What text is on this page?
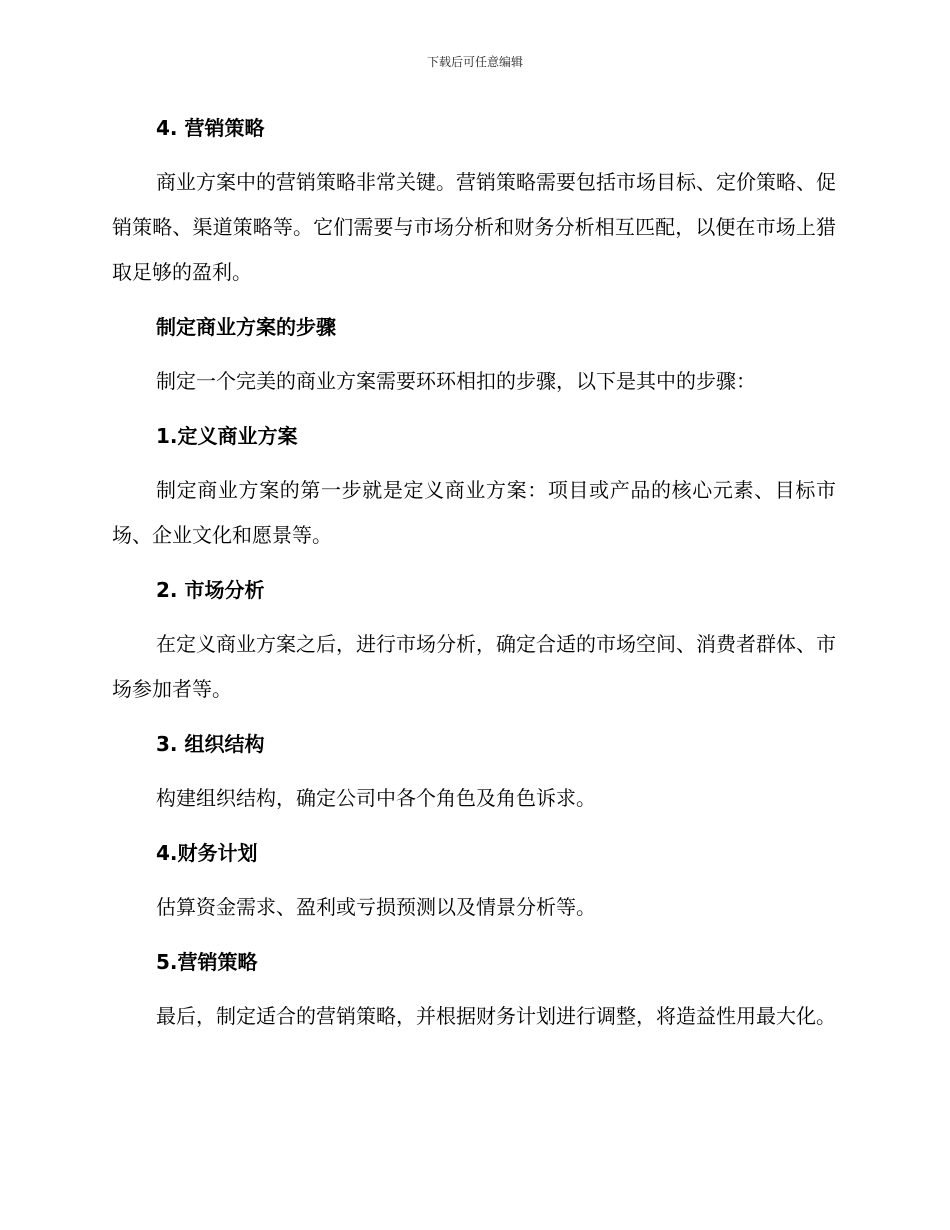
下载后可任意编辑
4. 营销策略

商业方案中的营销策略非常关键。营销策略需要包括市场目标、定价策略、促销策略、渠道策略等。它们需要与市场分析和财务分析相互匹配，以便在市场上猎取足够的盈利。

制定商业方案的步骤

制定一个完美的商业方案需要环环相扣的步骤，以下是其中的步骤：

1.定义商业方案

制定商业方案的第一步就是定义商业方案：项目或产品的核心元素、目标市场、企业文化和愿景等。

2. 市场分析

在定义商业方案之后，进行市场分析，确定合适的市场空间、消费者群体、市场参加者等。

3. 组织结构

构建组织结构，确定公司中各个角色及角色诉求。

4.财务计划

估算资金需求、盈利或亏损预测以及情景分析等。

5.营销策略

最后，制定适合的营销策略，并根据财务计划进行调整，将造益性用最大化。
